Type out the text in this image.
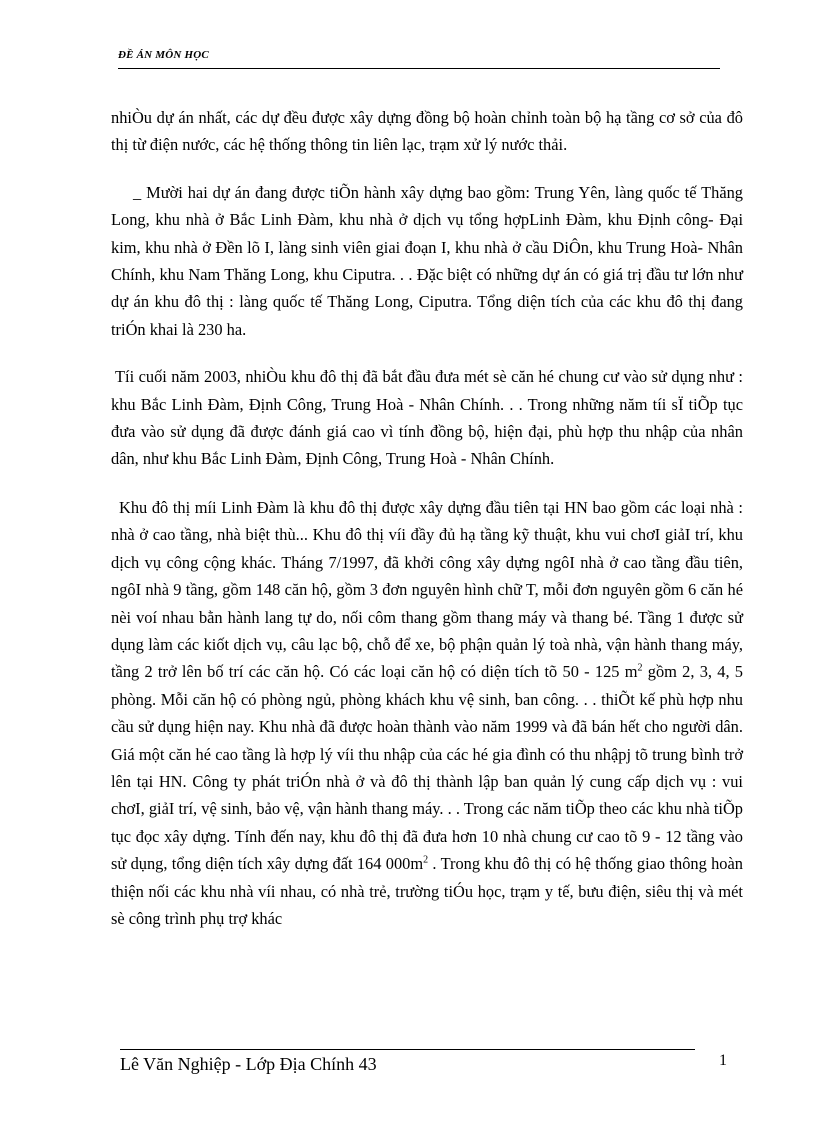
ĐỀ ÁN MÔN HỌC

nhiÒu dự án nhất, các dự đều được xây dựng đồng bộ hoàn chỉnh toàn bộ hạ tầng cơ sở của đô thị từ điện nước, các hệ thống thông tin liên lạc, trạm xử lý nước thải.

_ Mười hai dự án đang được tiÕn hành xây dựng bao gồm: Trung Yên, làng quốc tế Thăng Long, khu nhà ở Bắc Linh Đàm, khu nhà ở dịch vụ tổng hợpLinh Đàm, khu Định công- Đại kim, khu nhà ở Đền lõ I, làng sinh viên giai đoạn I, khu nhà ở cầu DiÔn, khu Trung Hoà- Nhân Chính, khu Nam Thăng Long, khu Ciputra. . . Đặc biệt có những dự án có giá trị đầu tư lớn như dự án khu đô thị : làng quốc tế Thăng Long, Ciputra. Tổng diện tích của các khu đô thị đang triÓn khai là 230 ha.

Tíi cuối năm 2003, nhiÒu khu đô thị đã bắt đầu đưa mét sè căn hé chung cư vào sử dụng như : khu Bắc Linh Đàm, Định Công, Trung Hoà - Nhân Chính. . . Trong những năm tíi sÏ tiÕp tục đưa vào sử dụng đã được đánh giá cao vì tính đồng bộ, hiện đại, phù hợp thu nhập của nhân dân, như khu Bắc Linh Đàm, Định Công, Trung Hoà - Nhân Chính.

Khu đô thị míi Linh Đàm là khu đô thị được xây dựng đầu tiên tại HN bao gồm các loại nhà : nhà ở cao tầng, nhà biệt thù... Khu đô thị víi đầy đủ hạ tầng kỹ thuật, khu vui chơI giảI trí, khu dịch vụ công cộng khác. Tháng 7/1997, đã khởi công xây dựng ngôI nhà ở cao tầng đầu tiên, ngôI nhà 9 tầng, gồm 148 căn hộ, gồm 3 đơn nguyên hình chữ T, mỗi đơn nguyên gồm 6 căn hé nèi voí nhau bằn hành lang tự do, nối côm thang gồm thang máy và thang bé. Tầng 1 được sử dụng làm các kiốt dịch vụ, câu lạc bộ, chỗ để xe, bộ phận quản lý toà nhà, vận hành thang máy, tầng 2 trở lên bố trí các căn hộ. Có các loại căn hộ có diện tích tõ 50 - 125 $m^2$ gồm 2, 3, 4, 5 phòng. Mỗi căn hộ có phòng ngủ, phòng khách khu vệ sinh, ban công. . . thiÕt kế phù hợp nhu cầu sử dụng hiện nay. Khu nhà đã được hoàn thành vào năm 1999 và đã bán hết cho người dân. Giá một căn hé cao tầng là hợp lý víi thu nhập của các hé gia đình có thu nhậpj tõ trung bình trở lên tại HN. Công ty phát triÓn nhà ở và đô thị thành lập ban quản lý cung cấp dịch vụ : vui chơI, giảI trí, vệ sinh, bảo vệ, vận hành thang máy. . . Trong các năm tiÕp theo các khu nhà tiÕp tục đọc xây dựng. Tính đến nay, khu đô thị đã đưa hơn 10 nhà chung cư cao tõ 9 - 12 tầng vào sử dụng, tổng diện tích xây dựng đất 164 $000m^2$ . Trong khu đô thị có hệ thống giao thông hoàn thiện nối các khu nhà víi nhau, có nhà trẻ, trường tiÓu học, trạm y tế, bưu điện, siêu thị và mét sè công trình phụ trợ khác

Lê Văn Nghiệp - Lớp Địa Chính 43	1
